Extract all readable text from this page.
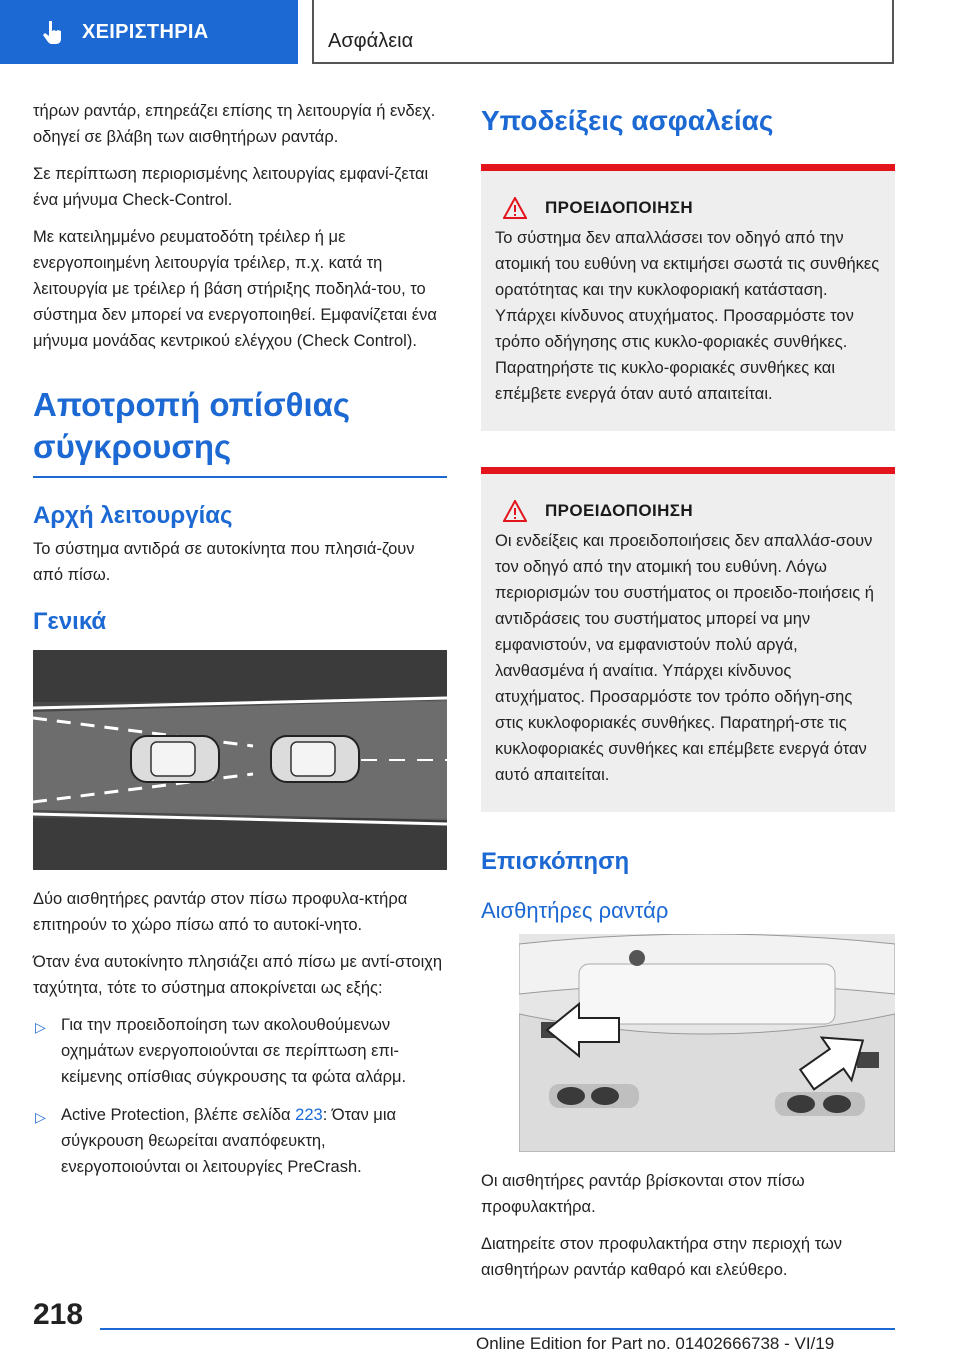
ΧΕΙΡΙΣΤΗΡΙΑ	Ασφάλεια

τήρων ραντάρ, επηρεάζει επίσης τη λειτουργία ή ενδεχ. οδηγεί σε βλάβη των αισθητήρων ραντάρ.

Σε περίπτωση περιορισμένης λειτουργίας εμφανί-ζεται ένα μήνυμα Check-Control.

Με κατειλημμένο ρευματοδότη τρέιλερ ή με ενεργοποιημένη λειτουργία τρέιλερ, π.χ. κατά τη λειτουργία με τρέιλερ ή βάση στήριξης ποδηλά-του, το σύστημα δεν μπορεί να ενεργοποιηθεί. Εμφανίζεται ένα μήνυμα μονάδας κεντρικού ελέγχου (Check Control).

Αποτροπή οπίσθιας σύγκρουσης
Αρχή λειτουργίας

Το σύστημα αντιδρά σε αυτοκίνητα που πλησιά-ζουν από πίσω.

Γενικά

Δύο αισθητήρες ραντάρ στον πίσω προφυλα-κτήρα επιτηρούν το χώρο πίσω από το αυτοκί-νητο.

Όταν ένα αυτοκίνητο πλησιάζει από πίσω με αντί-στοιχη ταχύτητα, τότε το σύστημα αποκρίνεται ως εξής:

▷ Για την προειδοποίηση των ακολουθούμενων οχημάτων ενεργοποιούνται σε περίπτωση επι-κείμενης οπίσθιας σύγκρουσης τα φώτα αλάρμ.
▷ Active Protection, βλέπε σελίδα 223: Όταν μια σύγκρουση θεωρείται αναπόφευκτη, ενεργοποιούνται οι λειτουργίες PreCrash.
Υποδείξεις ασφαλείας
ΠΡΟΕΙΔΟΠΟΙΗΣΗ

Το σύστημα δεν απαλλάσσει τον οδηγό από την ατομική του ευθύνη να εκτιμήσει σωστά τις συνθήκες ορατότητας και την κυκλοφοριακή κατάσταση. Υπάρχει κίνδυνος ατυχήματος. Προσαρμόστε τον τρόπο οδήγησης στις κυκλο-φοριακές συνθήκες. Παρατηρήστε τις κυκλο-φοριακές συνθήκες και επέμβετε ενεργά όταν αυτό απαιτείται.

ΠΡΟΕΙΔΟΠΟΙΗΣΗ

Οι ενδείξεις και προειδοποιήσεις δεν απαλλάσ-σουν τον οδηγό από την ατομική του ευθύνη. Λόγω περιορισμών του συστήματος οι προειδο-ποιήσεις ή αντιδράσεις του συστήματος μπορεί να μην εμφανιστούν, να εμφανιστούν πολύ αργά, λανθασμένα ή αναίτια. Υπάρχει κίνδυνος ατυχήματος. Προσαρμόστε τον τρόπο οδήγη-σης στις κυκλοφοριακές συνθήκες. Παρατηρή-στε τις κυκλοφοριακές συνθήκες και επέμβετε ενεργά όταν αυτό απαιτείται.

Επισκόπηση
Αισθητήρες ραντάρ

Οι αισθητήρες ραντάρ βρίσκονται στον πίσω προφυλακτήρα.

Διατηρείτε στον προφυλακτήρα στην περιοχή των αισθητήρων ραντάρ καθαρό και ελεύθερο.

218
Online Edition for Part no. 01402666738 - VI/19
